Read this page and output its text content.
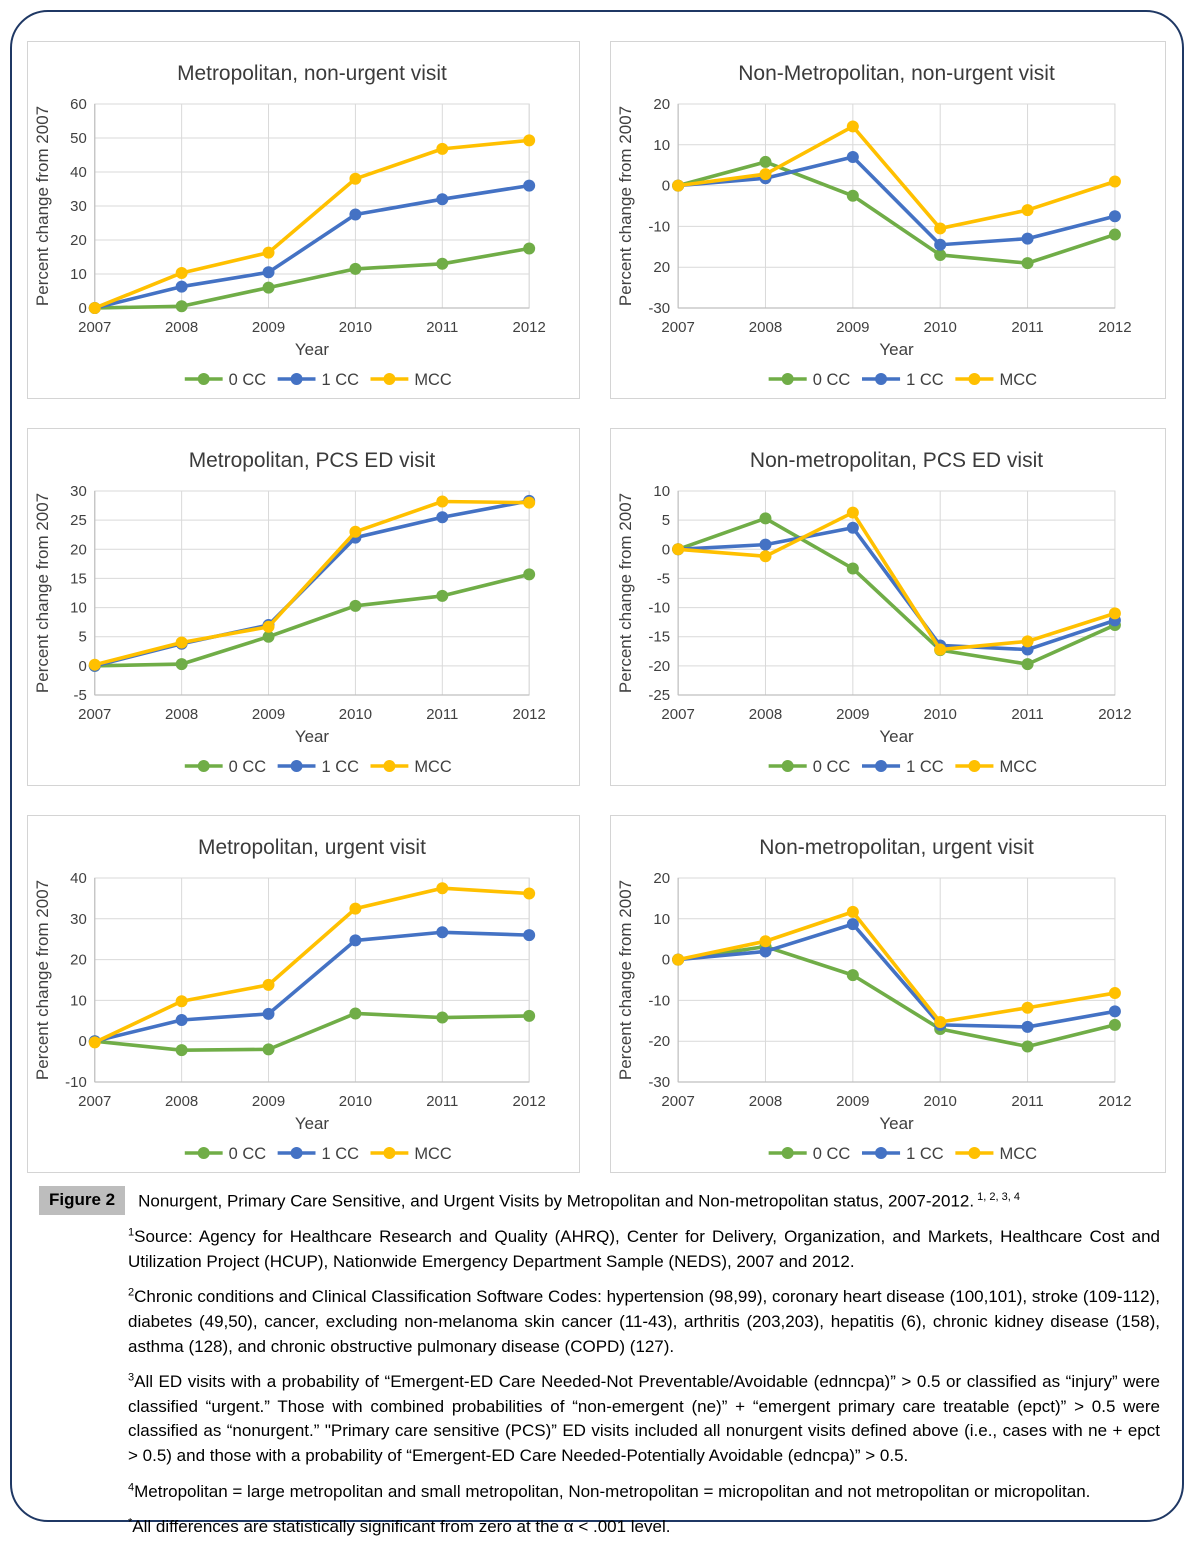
0
10
20
30
40
50
60
2007	2008	2009	2010	2011	2012
Metropolitan, non-urgent visit
Percent change from 2007
Year
0 CC	1 CC	MCC
-30
20
-10
0
10
20
2007	2008	2009	2010	2011	2012
Non-Metropolitan, non-urgent visit
Percent change from 2007
Year
0 CC	1 CC	MCC
-5
0
5
10
15
20
25
30
2007	2008	2009	2010	2011	2012
Metropolitan, PCS ED visit
Percent change from 2007
Year
0 CC	1 CC	MCC
-25
-20
-15
-10
-5
0
5
10
2007	2008	2009	2010	2011	2012
Non-metropolitan, PCS ED visit
Percent change from 2007
Year
0 CC	1 CC	MCC
-10
0
10
20
30
40
2007	2008	2009	2010	2011	2012
Metropolitan, urgent visit
Percent change from 2007
Year
0 CC	1 CC	MCC
-30
-20
-10
0
10
20
2007	2008	2009	2010	2011	2012
Non-metropolitan, urgent visit
Percent change from 2007
Year
0 CC	1 CC	MCC
Figure 2	Nonurgent, Primary Care Sensitive, and Urgent Visits by Metropolitan and Non-metropolitan status, 2007-2012. $^{1, 2, 3, 4}$

$^1$Source: Agency for Healthcare Research and Quality (AHRQ), Center for Delivery, Organization, and Markets, Healthcare Cost and Utilization Project (HCUP), Nationwide Emergency Department Sample (NEDS), 2007 and 2012.

$^2$Chronic conditions and Clinical Classification Software Codes: hypertension (98,99), coronary heart disease (100,101), stroke (109-112), diabetes (49,50), cancer, excluding non-melanoma skin cancer (11-43), arthritis (203,203), hepatitis (6), chronic kidney disease (158), asthma (128), and chronic obstructive pulmonary disease (COPD) (127).

$^3$All ED visits with a probability of “Emergent-ED Care Needed-Not Preventable/Avoidable (ednncpa)” > 0.5 or classified as “injury” were classified “urgent.” Those with combined probabilities of “non-emergent (ne)” + “emergent primary care treatable (epct)” > 0.5 were classified as “nonurgent.” "Primary care sensitive (PCS)” ED visits included all nonurgent visits defined above (i.e., cases with ne + epct > 0.5) and those with a probability of “Emergent-ED Care Needed-Potentially Avoidable (edncpa)” > 0.5.

$^4$Metropolitan = large metropolitan and small metropolitan, Non-metropolitan = micropolitan and not metropolitan or micropolitan.

*All differences are statistically significant from zero at the α < .001 level.
